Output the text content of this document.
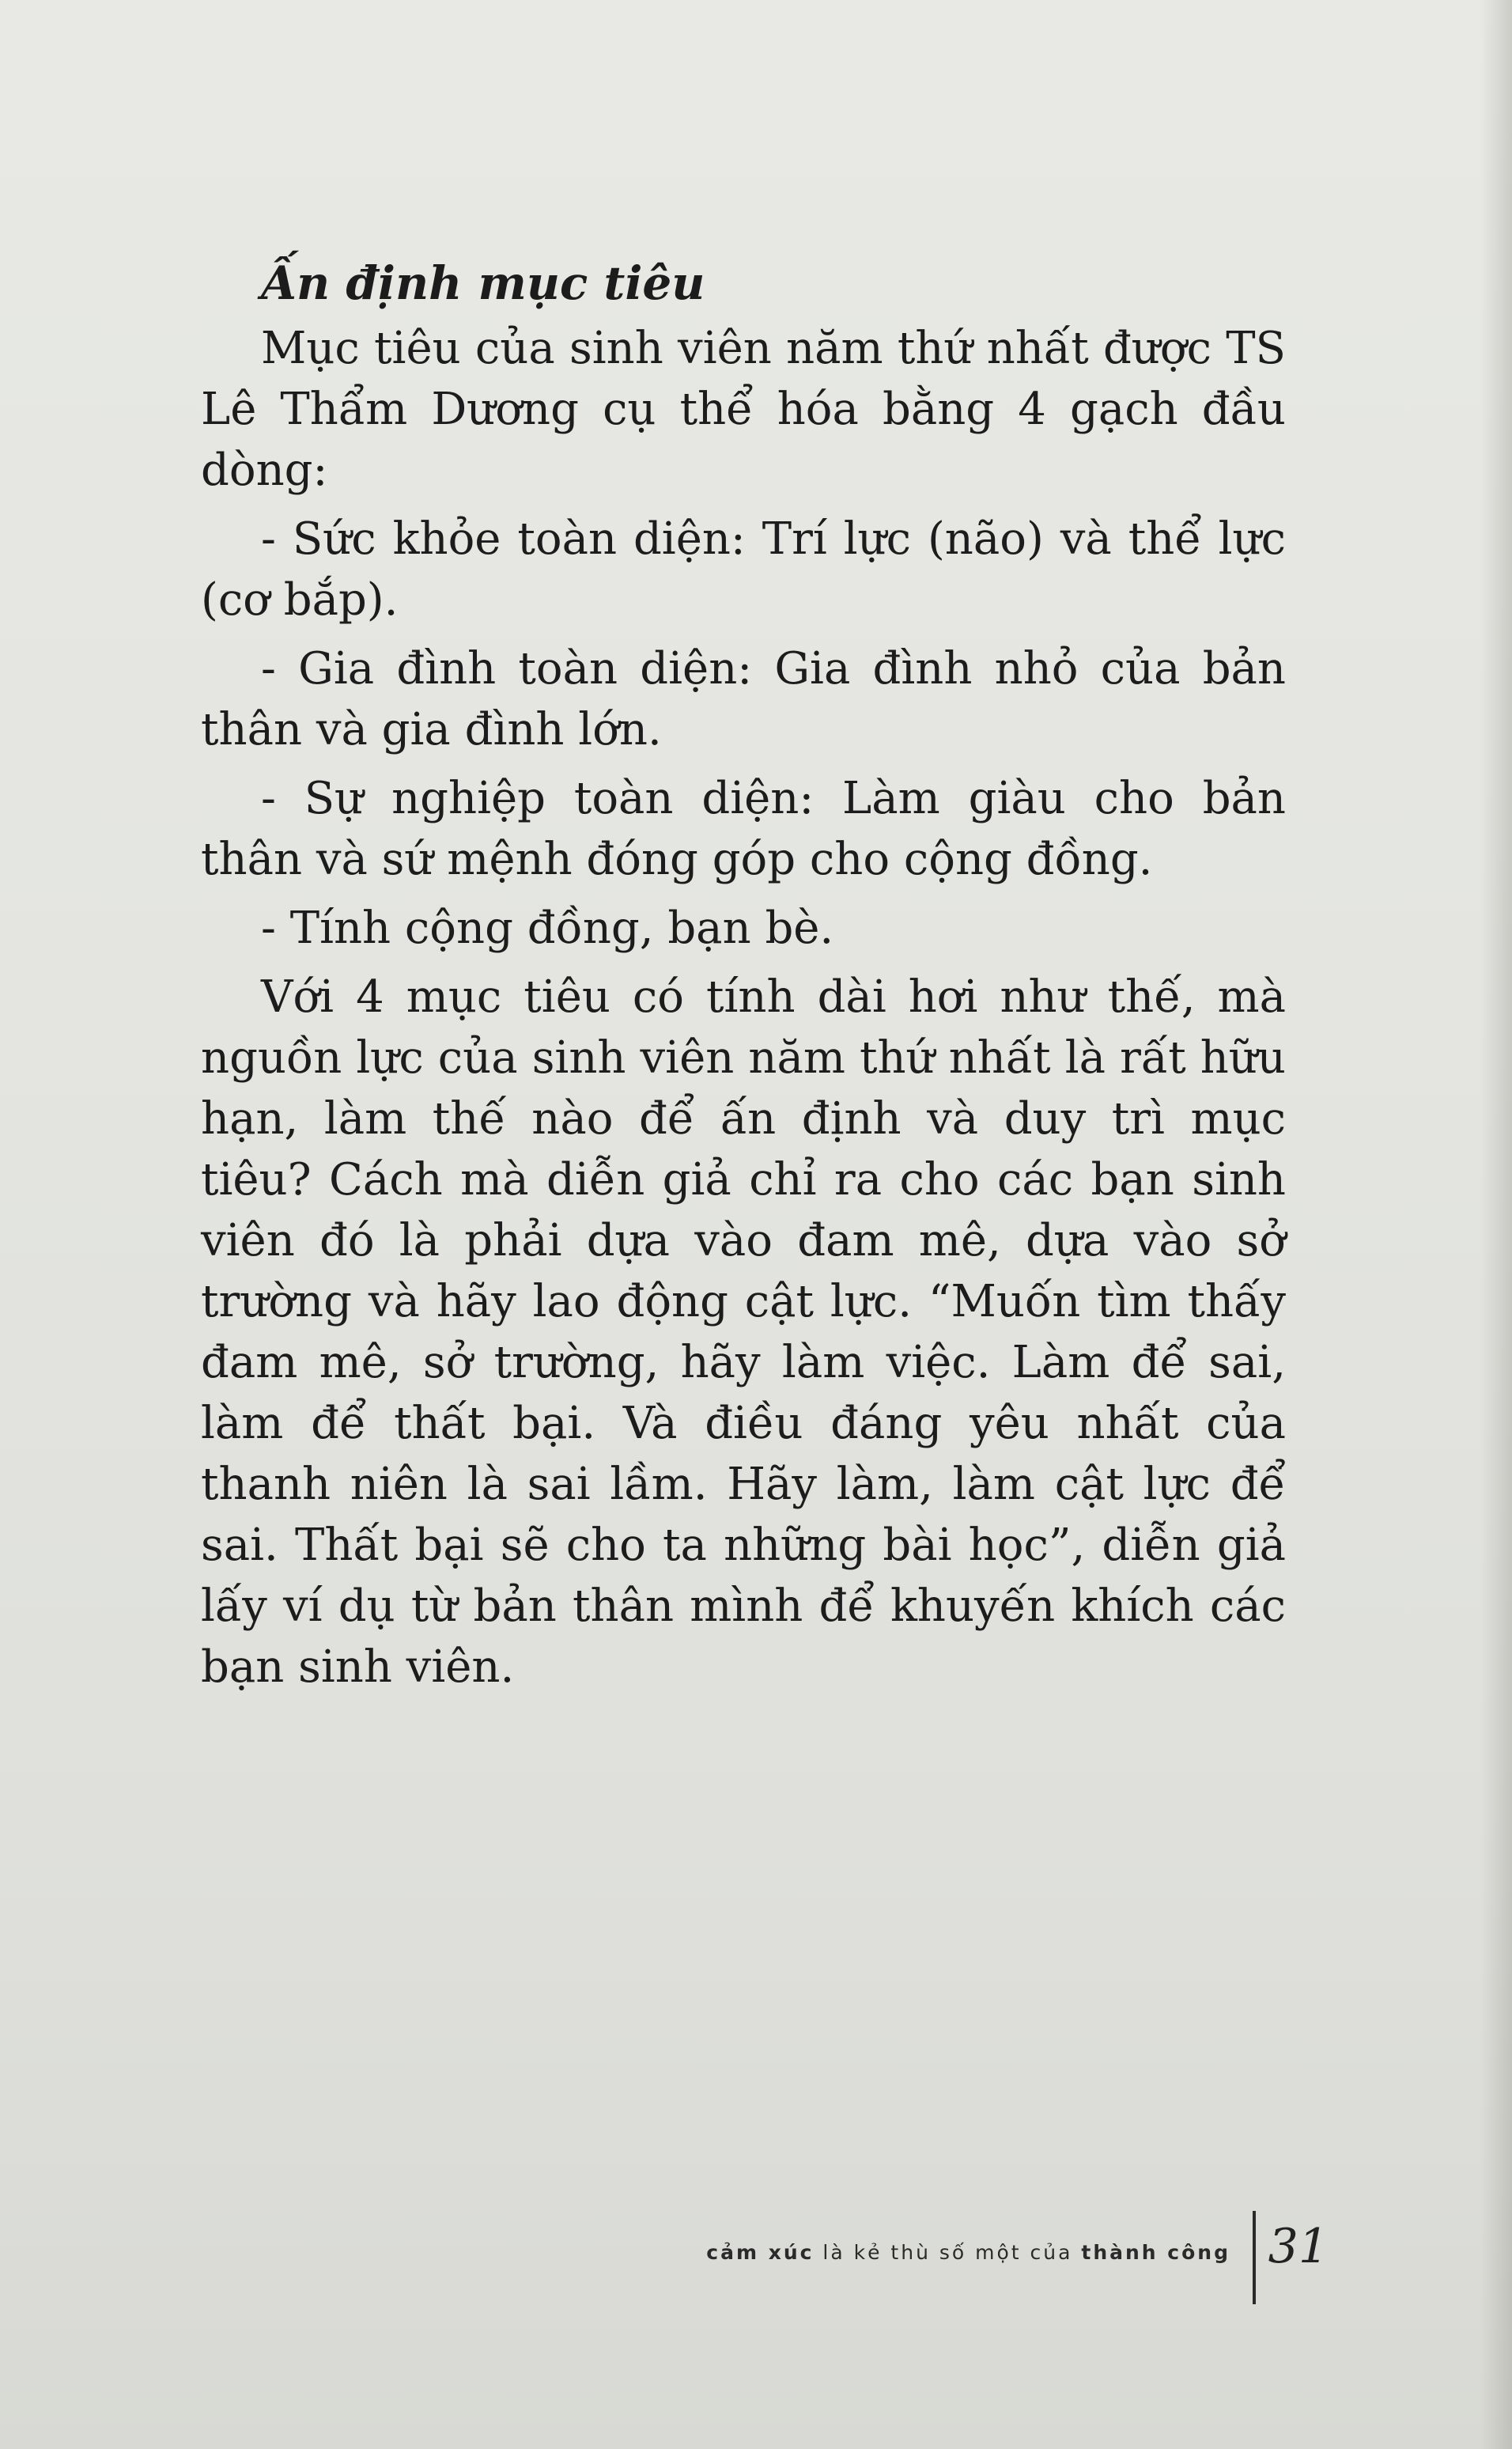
Ấn định mục tiêu

Mục tiêu của sinh viên năm thứ nhất được TS Lê Thẩm Dương cụ thể hóa bằng 4 gạch đầu dòng:

- Sức khỏe toàn diện: Trí lực (não) và thể lực (cơ bắp).

- Gia đình toàn diện: Gia đình nhỏ của bản thân và gia đình lớn.

- Sự nghiệp toàn diện: Làm giàu cho bản thân và sứ mệnh đóng góp cho cộng đồng.

- Tính cộng đồng, bạn bè.

Với 4 mục tiêu có tính dài hơi như thế, mà nguồn lực của sinh viên năm thứ nhất là rất hữu hạn, làm thế nào để ấn định và duy trì mục tiêu? Cách mà diễn giả chỉ ra cho các bạn sinh viên đó là phải dựa vào đam mê, dựa vào sở trường và hãy lao động cật lực. “Muốn tìm thấy đam mê, sở trường, hãy làm việc. Làm để sai, làm để thất bại. Và điều đáng yêu nhất của thanh niên là sai lầm. Hãy làm, làm cật lực để sai. Thất bại sẽ cho ta những bài học”, diễn giả lấy ví dụ từ bản thân mình để khuyến khích các bạn sinh viên.

cảm xúc là kẻ thù số một của thành công 31
